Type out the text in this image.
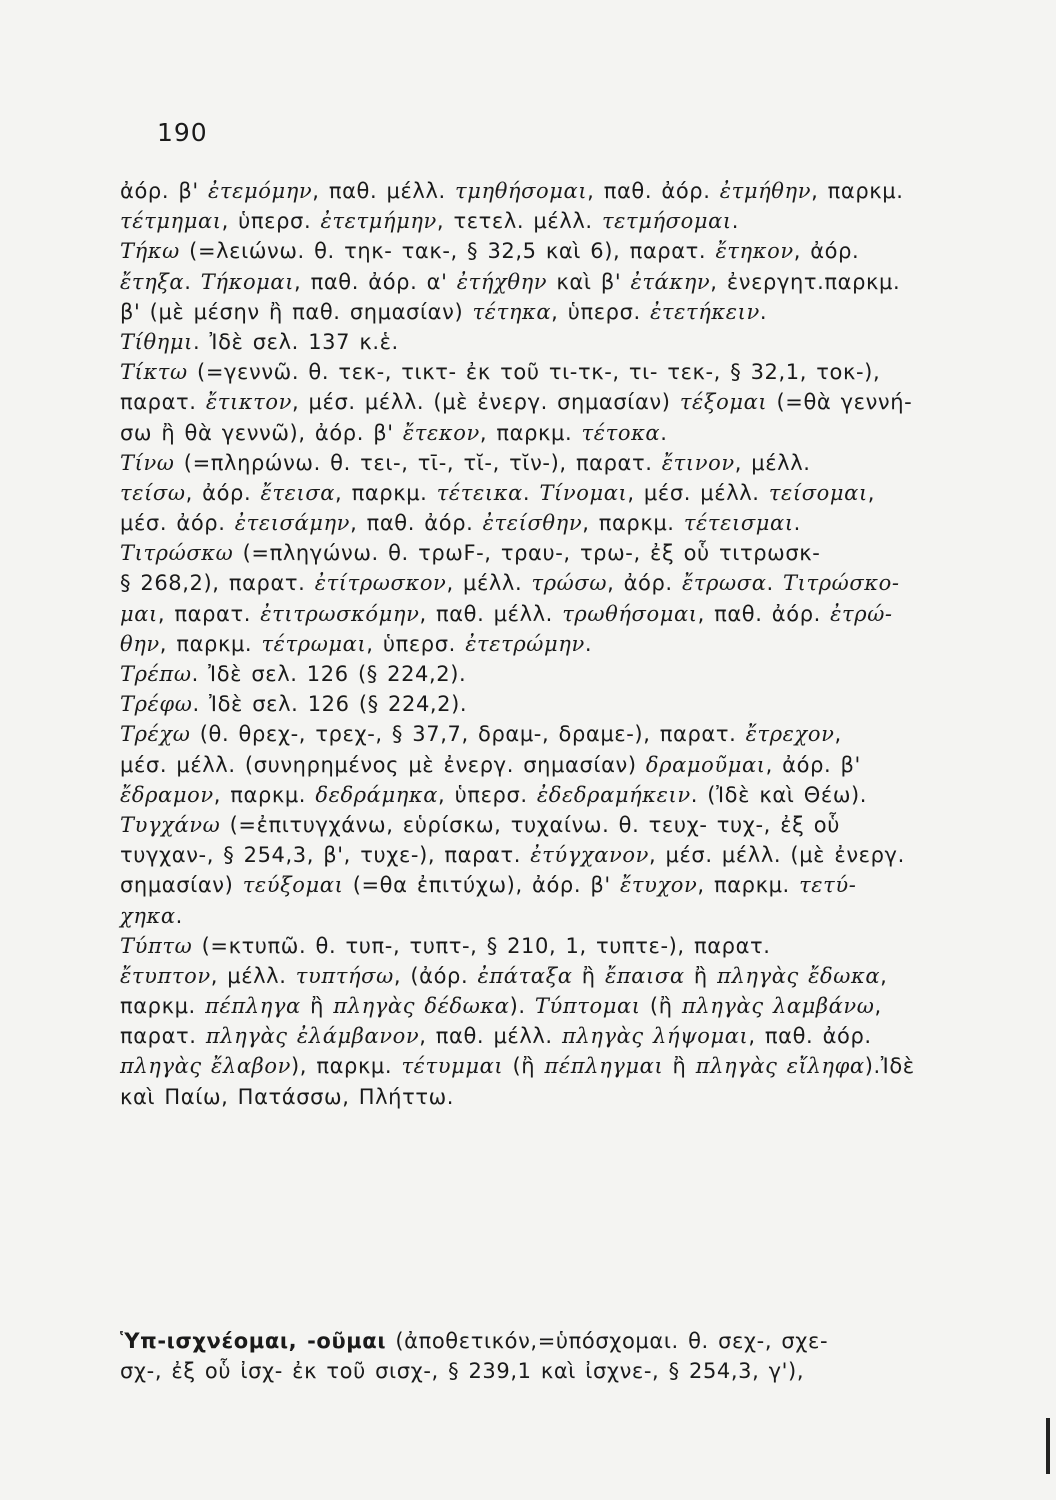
190
ἀόρ. β' ἐτεμόμην, παθ. μέλλ. τμηθήσομαι, παθ. ἀόρ. ἐτμήθην, παρκμ.
τέτμημαι, ὑπερσ. ἐτετμήμην, τετελ. μέλλ. τετμήσομαι.
Τήκω (=λειώνω. θ. τηκ- τακ-, § 32,5 καὶ 6), παρατ. ἔτηκον, ἀόρ.
ἔτηξα. Τήκομαι, παθ. ἀόρ. α' ἐτήχθην καὶ β' ἐτάκην, ἐνεργητ.παρκμ.
β' (μὲ μέσην ἢ παθ. σημασίαν) τέτηκα, ὑπερσ. ἐτετήκειν.
Τίθημι. Ἰδὲ σελ. 137 κ.ἑ.
Τίκτω (=γεννῶ. θ. τεκ-, τικτ- ἐκ τοῦ τι-τκ-, τι- τεκ-, § 32,1, τοκ-),
παρατ. ἔτικτον, μέσ. μέλλ. (μὲ ἐνεργ. σημασίαν) τέξομαι (=θὰ γεννή-
σω ἢ θὰ γεννῶ), ἀόρ. β' ἔτεκον, παρκμ. τέτοκα.
Τίνω (=πληρώνω. θ. τει-, τῑ-, τῐ-, τῐν-), παρατ. ἔτινον, μέλλ.
τείσω, ἀόρ. ἔτεισα, παρκμ. τέτεικα. Τίνομαι, μέσ. μέλλ. τείσομαι,
μέσ. ἀόρ. ἐτεισάμην, παθ. ἀόρ. ἐτείσθην, παρκμ. τέτεισμαι.
Τιτρώσκω (=πληγώνω. θ. τρωϜ-, τραυ-, τρω-, ἐξ οὗ τιτρωσκ-
§ 268,2), παρατ. ἐτίτρωσκον, μέλλ. τρώσω, ἀόρ. ἔτρωσα. Τιτρώσκο-
μαι, παρατ. ἐτιτρωσκόμην, παθ. μέλλ. τρωθήσομαι, παθ. ἀόρ. ἐτρώ-
θην, παρκμ. τέτρωμαι, ὑπερσ. ἐτετρώμην.
Τρέπω. Ἰδὲ σελ. 126 (§ 224,2).
Τρέφω. Ἰδὲ σελ. 126 (§ 224,2).
Τρέχω (θ. θρεχ-, τρεχ-, § 37,7, δραμ-, δραμε-), παρατ. ἔτρεχον,
μέσ. μέλλ. (συνηρημένος μὲ ἐνεργ. σημασίαν) δραμοῦμαι, ἀόρ. β'
ἔδραμον, παρκμ. δεδράμηκα, ὑπερσ. ἐδεδραμήκειν. (Ἰδὲ καὶ Θέω).
Τυγχάνω (=ἐπιτυγχάνω, εὑρίσκω, τυχαίνω. θ. τευχ- τυχ-, ἐξ οὗ
τυγχαν-, § 254,3, β', τυχε-), παρατ. ἐτύγχανον, μέσ. μέλλ. (μὲ ἐνεργ.
σημασίαν) τεύξομαι (=θα ἐπιτύχω), ἀόρ. β' ἔτυχον, παρκμ. τετύ-
χηκα.
Τύπτω (=κτυπῶ. θ. τυπ-, τυπτ-, § 210, 1, τυπτε-), παρατ.
ἔτυπτον, μέλλ. τυπτήσω, (ἀόρ. ἐπάταξα ἢ ἔπαισα ἢ πληγὰς ἔδωκα,
παρκμ. πέπληγα ἢ πληγὰς δέδωκα). Τύπτομαι (ἢ πληγὰς λαμβάνω,
παρατ. πληγὰς ἐλάμβανον, παθ. μέλλ. πληγὰς λήψομαι, παθ. ἀόρ.
πληγὰς ἔλαβον), παρκμ. τέτυμμαι (ἢ πέπληγμαι ἢ πληγὰς εἴληφα).Ἰδὲ
καὶ Παίω, Πατάσσω, Πλήττω.
Ὑπ-ισχνέομαι, -οῦμαι (ἀποθετικόν,=ὑπόσχομαι. θ. σεχ-, σχε-
σχ-, ἐξ οὗ ἰσχ- ἐκ τοῦ σισχ-, § 239,1 καὶ ἰσχνε-, § 254,3, γ'),
